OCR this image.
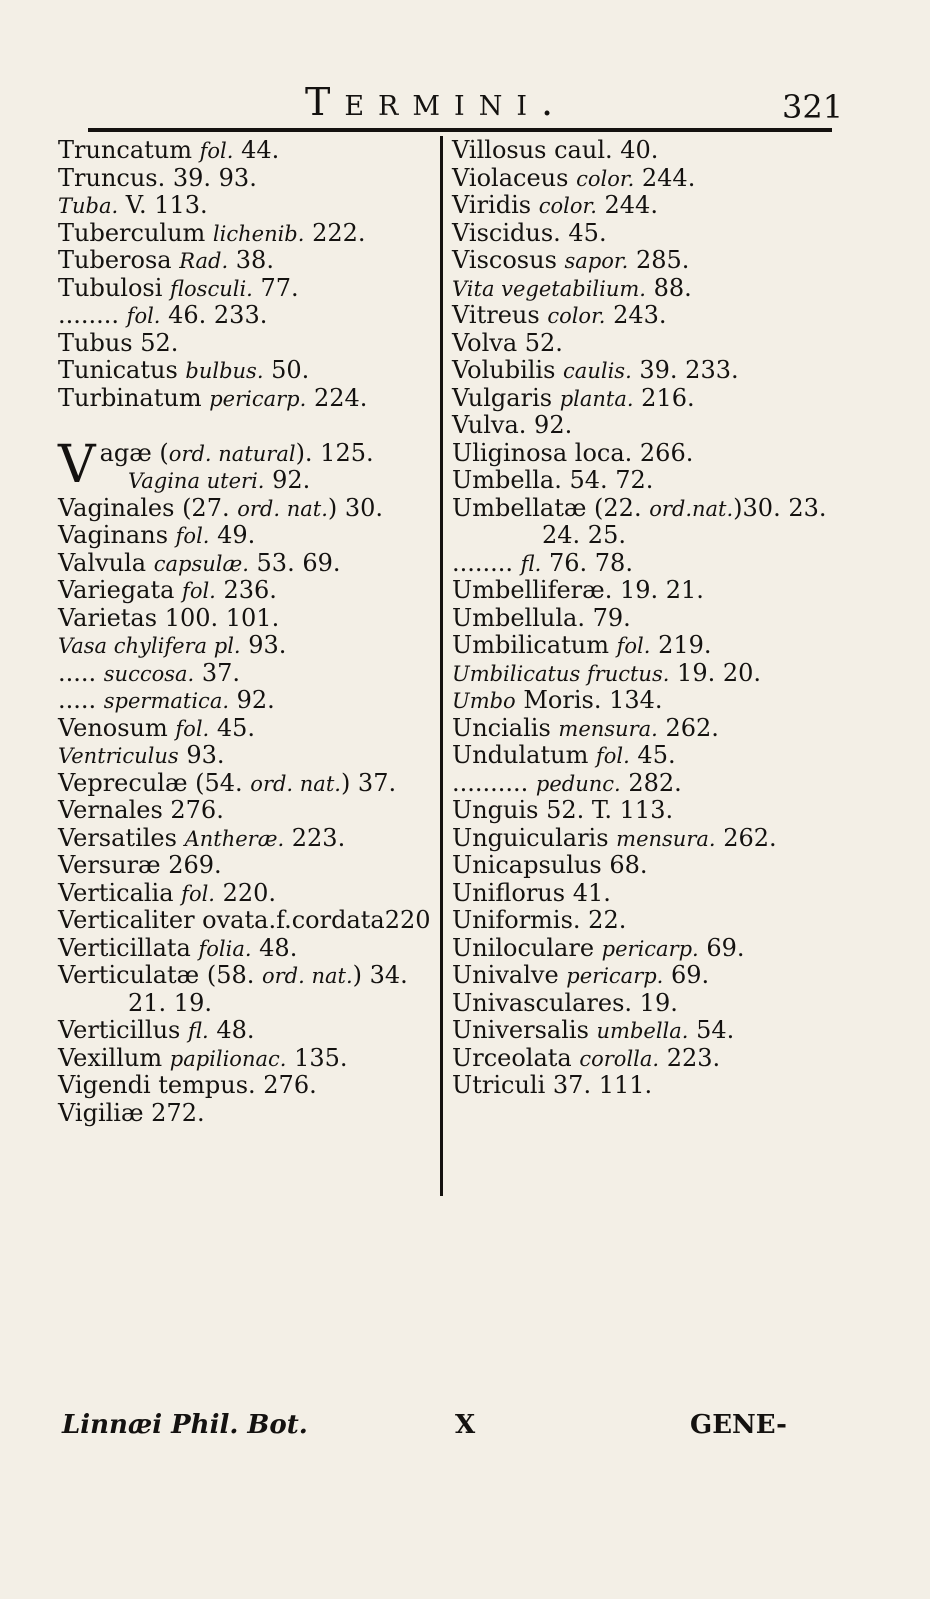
Termini.	321
Truncatum fol. 44.
Truncus. 39. 93.
Tuba. V. 113.
Tuberculum lichenib. 222.
Tuberosa Rad. 38.
Tubulosi flosculi. 77.
........ fol. 46. 233.
Tubus 52.
Tunicatus bulbus. 50.
Turbinatum pericarp. 224.
Vagæ (ord. natural). 125.
Vagina uteri. 92.
Vaginales (27. ord. nat.) 30.
Vaginans fol. 49.
Valvula capsulæ. 53. 69.
Variegata fol. 236.
Varietas 100. 101.
Vasa chylifera pl. 93.
..... succosa. 37.
..... spermatica. 92.
Venosum fol. 45.
Ventriculus 93.
Vepreculæ (54. ord. nat.) 37.
Vernales 276.
Versatiles Antheræ. 223.
Versuræ 269.
Verticalia fol. 220.
Verticaliter ovata.f.cordata220
Verticillata folia. 48.
Verticulatæ (58. ord. nat.) 34.
21. 19.
Verticillus fl. 48.
Vexillum papilionac. 135.
Vigendi tempus. 276.
Vigiliæ 272.
Villosus caul. 40.
Violaceus color. 244.
Viridis color. 244.
Viscidus. 45.
Viscosus sapor. 285.
Vita vegetabilium. 88.
Vitreus color. 243.
Volva 52.
Volubilis caulis. 39. 233.
Vulgaris planta. 216.
Vulva. 92.
Uliginosa loca. 266.
Umbella. 54. 72.
Umbellatæ (22. ord.nat.)30. 23.
24. 25.
........ fl. 76. 78.
Umbelliferæ. 19. 21.
Umbellula. 79.
Umbilicatum fol. 219.
Umbilicatus fructus. 19. 20.
Umbo Moris. 134.
Uncialis mensura. 262.
Undulatum fol. 45.
.......... pedunc. 282.
Unguis 52. T. 113.
Unguicularis mensura. 262.
Unicapsulus 68.
Uniflorus 41.
Uniformis. 22.
Uniloculare pericarp. 69.
Univalve pericarp. 69.
Univasculares. 19.
Universalis umbella. 54.
Urceolata corolla. 223.
Utriculi 37. 111.
Linnæi Phil. Bot.	X	GENE-
